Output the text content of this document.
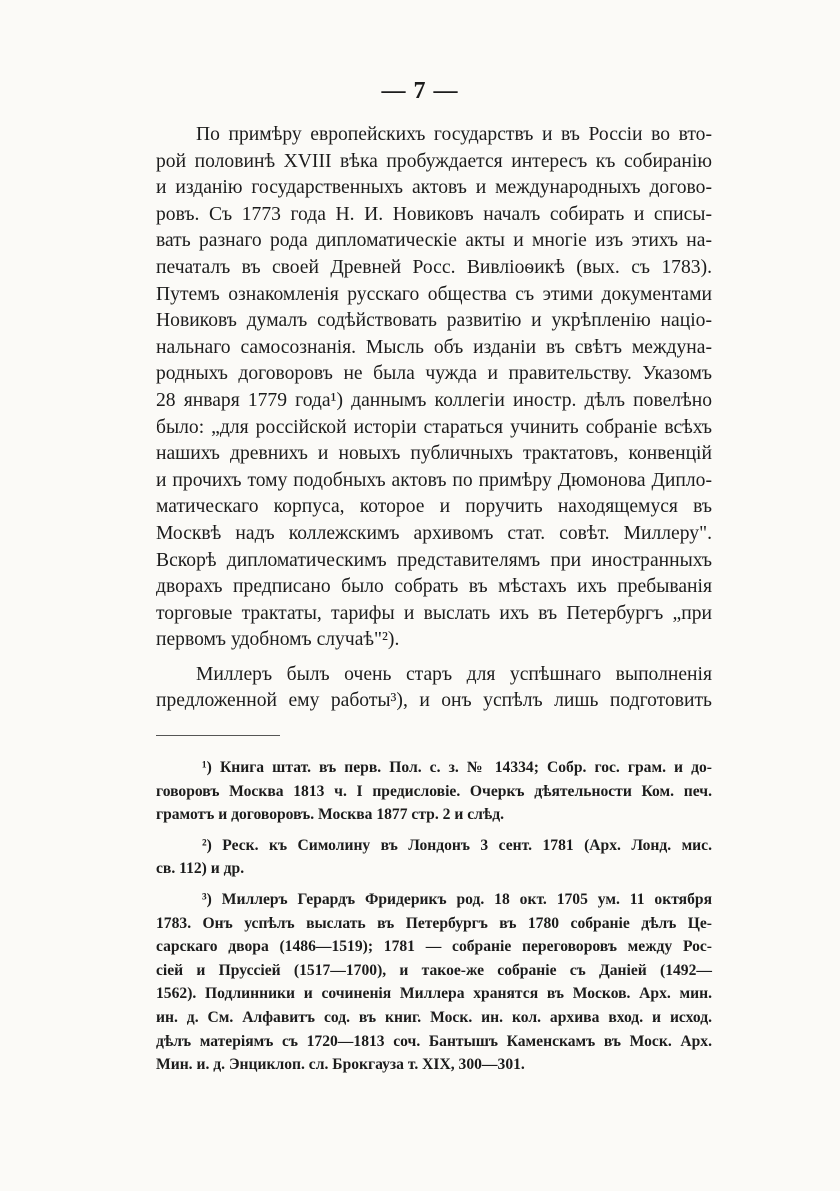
— 7 —

По примѣру европейскихъ государствъ и въ Россіи во вто-
рой половинѣ XVIII вѣка пробуждается интересъ къ собиранію
и изданію государственныхъ актовъ и международныхъ догово-
ровъ. Съ 1773 года Н. И. Новиковъ началъ собирать и списы-
вать разнаго рода дипломатическіе акты и многіе изъ этихъ на-
печаталъ въ своей Древней Росс. Вивліоѳикѣ (вых. съ 1783).
Путемъ ознакомленія русскаго общества съ этими документами
Новиковъ думалъ содѣйствовать развитію и укрѣпленію націо-
нальнаго самосознанія. Мысль объ изданіи въ свѣтъ междуна-
родныхъ договоровъ не была чужда и правительству. Указомъ
28 января 1779 года¹) даннымъ коллегіи иностр. дѣлъ повелѣно
было: „для россійской исторіи стараться учинить собраніе всѣхъ
нашихъ древнихъ и новыхъ публичныхъ трактатовъ, конвенцій
и прочихъ тому подобныхъ актовъ по примѣру Дюмонова Дипло-
матическаго корпуса, которое и поручить находящемуся въ
Москвѣ надъ коллежскимъ архивомъ стат. совѣт. Миллеру".
Вскорѣ дипломатическимъ представителямъ при иностранныхъ
дворахъ предписано было собрать въ мѣстахъ ихъ пребыванія
торговые трактаты, тарифы и выслать ихъ въ Петербургъ „при
первомъ удобномъ случаѣ"²).

Миллеръ былъ очень старъ для успѣшнаго выполненія
предложенной ему работы³), и онъ успѣлъ лишь подготовить

¹) Книга штат. въ перв. Пол. с. з. № 14334; Собр. гос. грам. и до-
говоровъ Москва 1813 ч. I предисловіе. Очеркъ дѣятельности Ком. печ.
грамотъ и договоровъ. Москва 1877 стр. 2 и слѣд.

²) Реск. къ Симолину въ Лондонъ 3 сент. 1781 (Арх. Лонд. мис.
св. 112) и др.

³) Миллеръ Герардъ Фридерикъ род. 18 окт. 1705 ум. 11 октября
1783. Онъ успѣлъ выслать въ Петербургъ въ 1780 собраніе дѣлъ Це-
сарскаго двора (1486—1519); 1781 — собраніе переговоровъ между Рос-
сіей и Пруссіей (1517—1700), и такое-же собраніе съ Даніей (1492—
1562). Подлинники и сочиненія Миллера хранятся въ Москов. Арх. мин.
ин. д. См. Алфавитъ сод. въ книг. Моск. ин. кол. архива вход. и исход.
дѣлъ матеріямъ съ 1720—1813 соч. Бантышъ Каменскамъ въ Моск. Арх.
Мин. и. д. Энциклоп. сл. Брокгауза т. XIX, 300—301.
